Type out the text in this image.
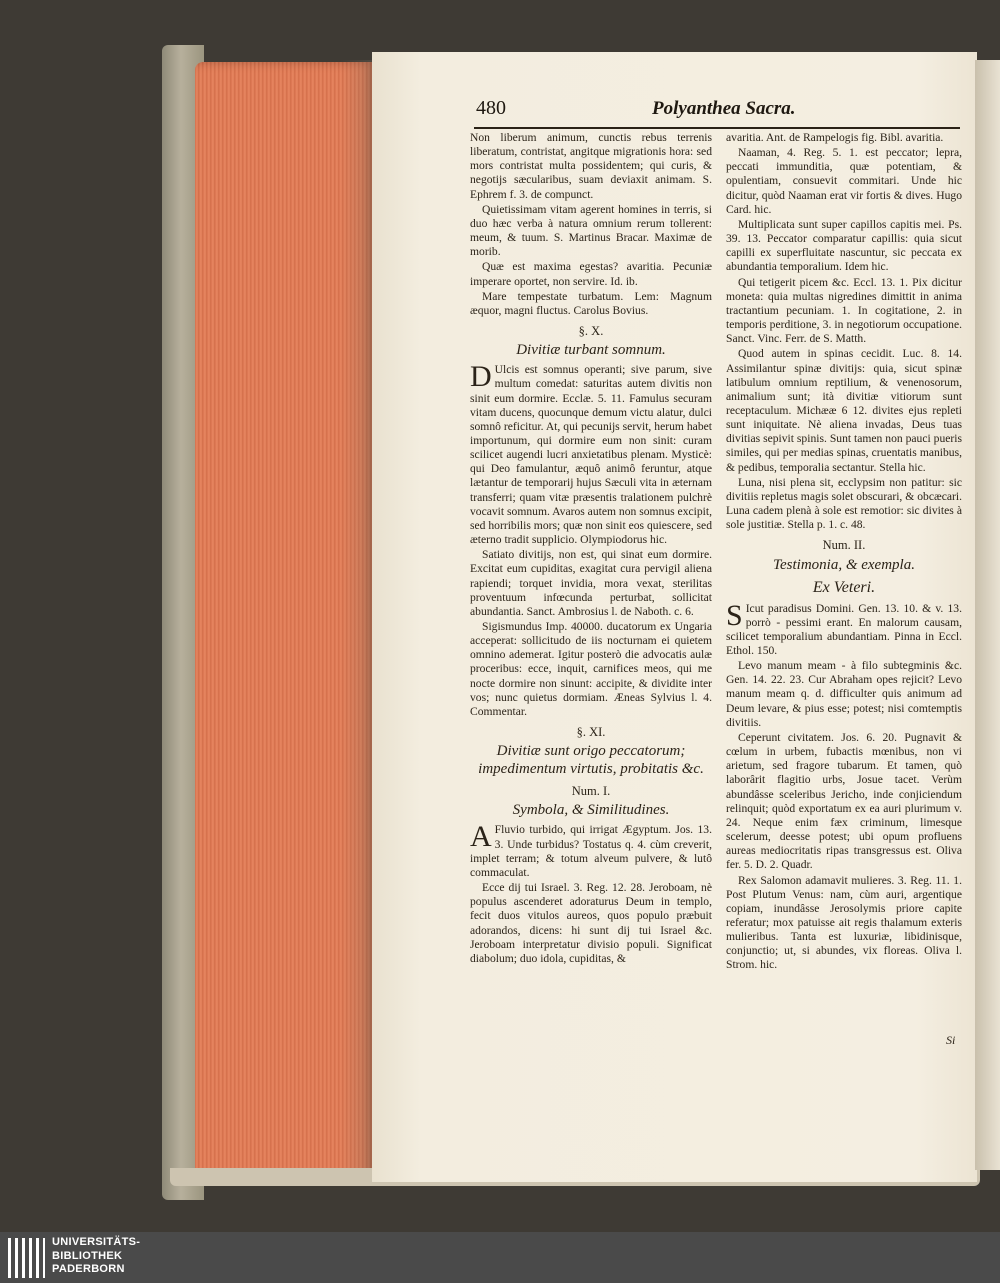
480	Polyanthea Sacra.

Non liberum animum, cunctis rebus terrenis liberatum, contristat, angitque migrationis hora: sed mors contristat multa possidentem; qui curis, & negotijs sæcularibus, suam deviaxit animam. S. Ephrem f. 3. de compunct.

Quietissimam vitam agerent homines in terris, si duo hæc verba à natura omnium rerum tollerent: meum, & tuum. S. Martinus Bracar. Maximæ de morib.

Quæ est maxima egestas? avaritia. Pecuniæ imperare oportet, non servire. Id. ib.

Mare tempestate turbatum. Lem: Magnum æquor, magni fluctus. Carolus Bovius.

§. X.

Divitiæ turbant somnum.

D Ulcis est somnus operanti; sive parum, sive multum comedat: saturitas autem divitis non sinit eum dormire. Ecclæ. 5. 11. Famulus securam vitam ducens, quocunque demum victu alatur, dulci somnô reficitur. At, qui pecunijs servit, herum habet importunum, qui dormire eum non sinit: curam scilicet augendi lucri anxietatibus plenam. Mysticè: qui Deo famulantur, æquô animô feruntur, atque lætantur de temporarij hujus Sæculi vita in æternam transferri; quam vitæ præsentis tralationem pulchrè vocavit somnum. Avaros autem non somnus excipit, sed horribilis mors; quæ non sinit eos quiescere, sed æterno tradit supplicio. Olympiodorus hic.

Satiato divitijs, non est, qui sinat eum dormire. Excitat eum cupiditas, exagitat cura pervigil aliena rapiendi; torquet invidia, mora vexat, sterilitas proventuum infœcunda perturbat, sollicitat abundantia. Sanct. Ambrosius l. de Naboth. c. 6.

Sigismundus Imp. 40000. ducatorum ex Ungaria acceperat: sollicitudo de iis nocturnam ei quietem omnino ademerat. Igitur posterò die advocatis aulæ proceribus: ecce, inquit, carnifices meos, qui me nocte dormire non sinunt: accipite, & dividite inter vos; nunc quietus dormiam. Æneas Sylvius l. 4. Commentar.

§. XI.

Divitiæ sunt origo peccatorum; impedimentum virtutis, probitatis &c.

Num. I.

Symbola, & Similitudines.

A Fluvio turbido, qui irrigat Ægyptum. Jos. 13. 3. Unde turbidus? Tostatus q. 4. cùm creverit, implet terram; & totum alveum pulvere, & lutô commaculat.

Ecce dij tui Israel. 3. Reg. 12. 28. Jeroboam, nè populus ascenderet adoraturus Deum in templo, fecit duos vitulos aureos, quos populo præbuit adorandos, dicens: hi sunt dij tui Israel &c. Jeroboam interpretatur divisio populi. Significat diabolum; duo idola, cupiditas, &

avaritia. Ant. de Rampelogis fig. Bibl. avaritia.

Naaman, 4. Reg. 5. 1. est peccator; lepra, peccati immunditia, quæ potentiam, & opulentiam, consuevit commitari. Unde hic dicitur, quòd Naaman erat vir fortis & dives. Hugo Card. hic.

Multiplicata sunt super capillos capitis mei. Ps. 39. 13. Peccator comparatur capillis: quia sicut capilli ex superfluitate nascuntur, sic peccata ex abundantia temporalium. Idem hic.

Qui tetigerit picem &c. Eccl. 13. 1. Pix dicitur moneta: quia multas nigredines dimittit in anima tractantium pecuniam. 1. In cogitatione, 2. in temporis perditione, 3. in negotiorum occupatione. Sanct. Vinc. Ferr. de S. Matth.

Quod autem in spinas cecidit. Luc. 8. 14. Assimilantur spinæ divitijs: quia, sicut spinæ latibulum omnium reptilium, & venenosorum, animalium sunt; ità divitiæ vitiorum sunt receptaculum. Michææ 6 12. divites ejus repleti sunt iniquitate. Nè aliena invadas, Deus tuas divitias sepivit spinis. Sunt tamen non pauci pueris similes, qui per medias spinas, cruentatis manibus, & pedibus, temporalia sectantur. Stella hic.

Luna, nisi plena sit, ecclypsim non patitur: sic divitiis repletus magis solet obscurari, & obcæcari. Luna cadem plenà à sole est remotior: sic divites à sole justitiæ. Stella p. 1. c. 48.

Num. II.

Testimonia, & exempla.

Ex Veteri.

S Icut paradisus Domini. Gen. 13. 10. & v. 13. porrò - pessimi erant. En malorum causam, scilicet temporalium abundantiam. Pinna in Eccl. Ethol. 150.

Levo manum meam - à filo subtegminis &c. Gen. 14. 22. 23. Cur Abraham opes rejicit? Levo manum meam q. d. difficulter quis animum ad Deum levare, & pius esse; potest; nisi comtemptis divitiis.

Ceperunt civitatem. Jos. 6. 20. Pugnavit & cœlum in urbem, fubactis mœnibus, non vi arietum, sed fragore tubarum. Et tamen, quò laborârit flagitio urbs, Josue tacet. Verùm abundâsse sceleribus Jericho, inde conjiciendum relinquit; quòd exportatum ex ea auri plurimum v. 24. Neque enim fæx criminum, limesque scelerum, deesse potest; ubi opum profluens aureas mediocritatis ripas transgressus est. Oliva fer. 5. D. 2. Quadr.

Rex Salomon adamavit mulieres. 3. Reg. 11. 1. Post Plutum Venus: nam, cùm auri, argentique copiam, inundâsse Jerosolymis priore capite referatur; mox patuisse ait regis thalamum exteris mulieribus. Tanta est luxuriæ, libidinisque, conjunctio; ut, si abundes, vix floreas. Oliva l. Strom. hic.

Si
UNIVERSITÄTS-
BIBLIOTHEK
PADERBORN
